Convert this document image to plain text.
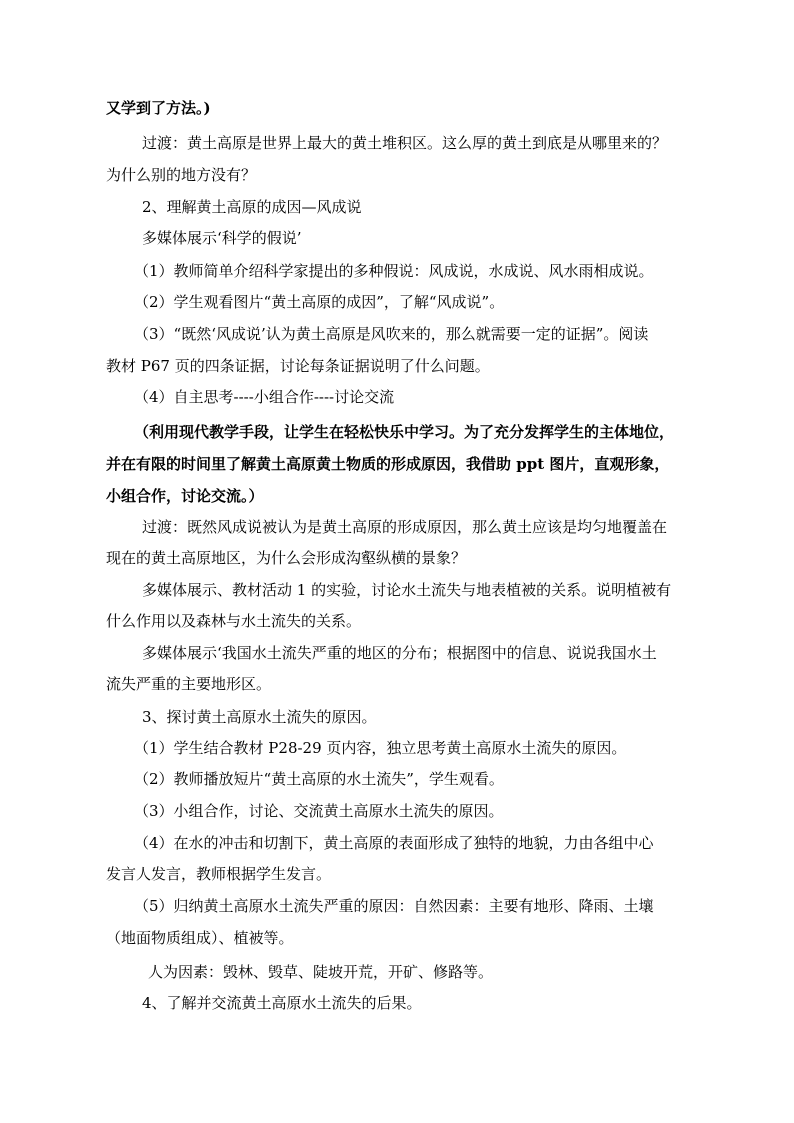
又学到了方法。)
过渡：黄土高原是世界上最大的黄土堆积区。这么厚的黄土到底是从哪里来的？
为什么别的地方没有？
2、理解黄土高原的成因—风成说
多媒体展示‘科学的假说’
（1）教师简单介绍科学家提出的多种假说：风成说，水成说、风水雨相成说。
（2）学生观看图片“黄土高原的成因”，了解“风成说”。
（3）“既然‘风成说’认为黄土高原是风吹来的，那么就需要一定的证据”。阅读
教材 P67 页的四条证据，讨论每条证据说明了什么问题。
（4）自主思考----小组合作----讨论交流
（利用现代教学手段，让学生在轻松快乐中学习。为了充分发挥学生的主体地位，
并在有限的时间里了解黄土高原黄土物质的形成原因，我借助 ppt 图片，直观形象，
小组合作，讨论交流。）
过渡：既然风成说被认为是黄土高原的形成原因，那么黄土应该是均匀地覆盖在
现在的黄土高原地区，为什么会形成沟壑纵横的景象？
多媒体展示、教材活动 1 的实验，讨论水土流失与地表植被的关系。说明植被有
什么作用以及森林与水土流失的关系。
多媒体展示‘我国水土流失严重的地区的分布；根据图中的信息、说说我国水土
流失严重的主要地形区。
3、探讨黄土高原水土流失的原因。
（1）学生结合教材 P28-29 页内容，独立思考黄土高原水土流失的原因。
（2）教师播放短片“黄土高原的水土流失”，学生观看。
（3）小组合作，讨论、交流黄土高原水土流失的原因。
（4）在水的冲击和切割下，黄土高原的表面形成了独特的地貌，力由各组中心
发言人发言，教师根据学生发言。
（5）归纳黄土高原水土流失严重的原因：自然因素：主要有地形、降雨、土壤
（地面物质组成）、植被等。
人为因素：毁林、毁草、陡坡开荒，开矿、修路等。
4、了解并交流黄土高原水土流失的后果。
